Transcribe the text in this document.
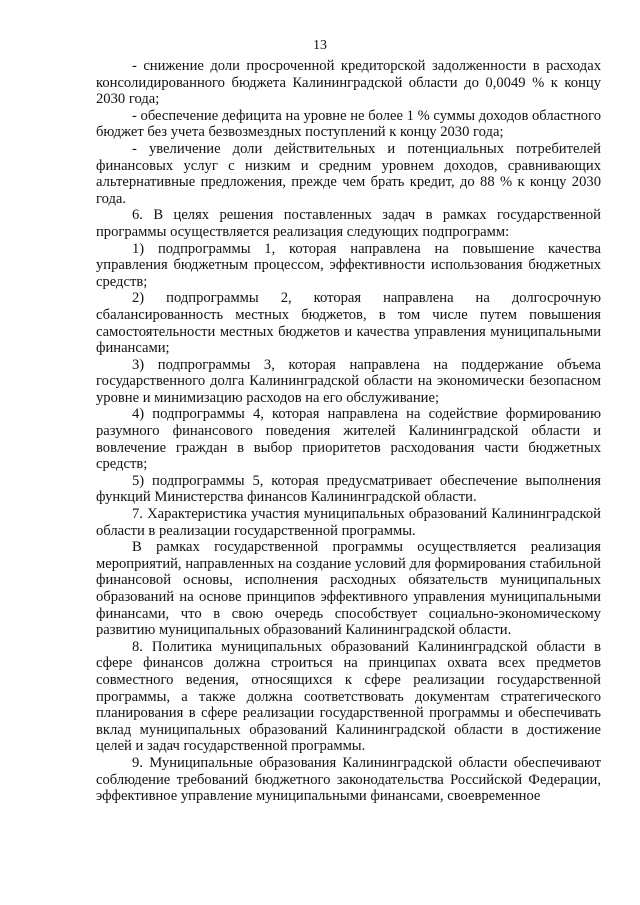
13

- снижение доли просроченной кредиторской задолженности в расходах консолидированного бюджета Калининградской области до 0,0049 % к концу 2030 года;

- обеспечение дефицита на уровне не более 1 % суммы доходов областного бюджет без учета безвозмездных поступлений к концу 2030 года;

- увеличение доли действительных и потенциальных потребителей финансовых услуг с низким и средним уровнем доходов, сравнивающих альтернативные предложения, прежде чем брать кредит, до 88 % к концу 2030 года.

6. В целях решения поставленных задач в рамках государственной программы осуществляется реализация следующих подпрограмм:

1) подпрограммы 1, которая направлена на повышение качества управления бюджетным процессом, эффективности использования бюджетных средств;

2) подпрограммы 2, которая направлена на долгосрочную сбалансированность местных бюджетов, в том числе путем повышения самостоятельности местных бюджетов и качества управления муниципальными финансами;

3) подпрограммы 3, которая направлена на поддержание объема государственного долга Калининградской области на экономически безопасном уровне и минимизацию расходов на его обслуживание;

4) подпрограммы 4, которая направлена на содействие формированию разумного финансового поведения жителей Калининградской области и вовлечение граждан в выбор приоритетов расходования части бюджетных средств;

5) подпрограммы 5, которая предусматривает обеспечение выполнения функций Министерства финансов Калининградской области.

7. Характеристика участия муниципальных образований Калининградской области в реализации государственной программы.

В рамках государственной программы осуществляется реализация мероприятий, направленных на создание условий для формирования стабильной финансовой основы, исполнения расходных обязательств муниципальных образований на основе принципов эффективного управления муниципальными финансами, что в свою очередь способствует социально-экономическому развитию муниципальных образований Калининградской области.

8. Политика муниципальных образований Калининградской области в сфере финансов должна строиться на принципах охвата всех предметов совместного ведения, относящихся к сфере реализации государственной программы, а также должна соответствовать документам стратегического планирования в сфере реализации государственной программы и обеспечивать вклад муниципальных образований Калининградской области в достижение целей и задач государственной программы.

9. Муниципальные образования Калининградской области обеспечивают соблюдение требований бюджетного законодательства Российской Федерации, эффективное управление муниципальными финансами, своевременное
